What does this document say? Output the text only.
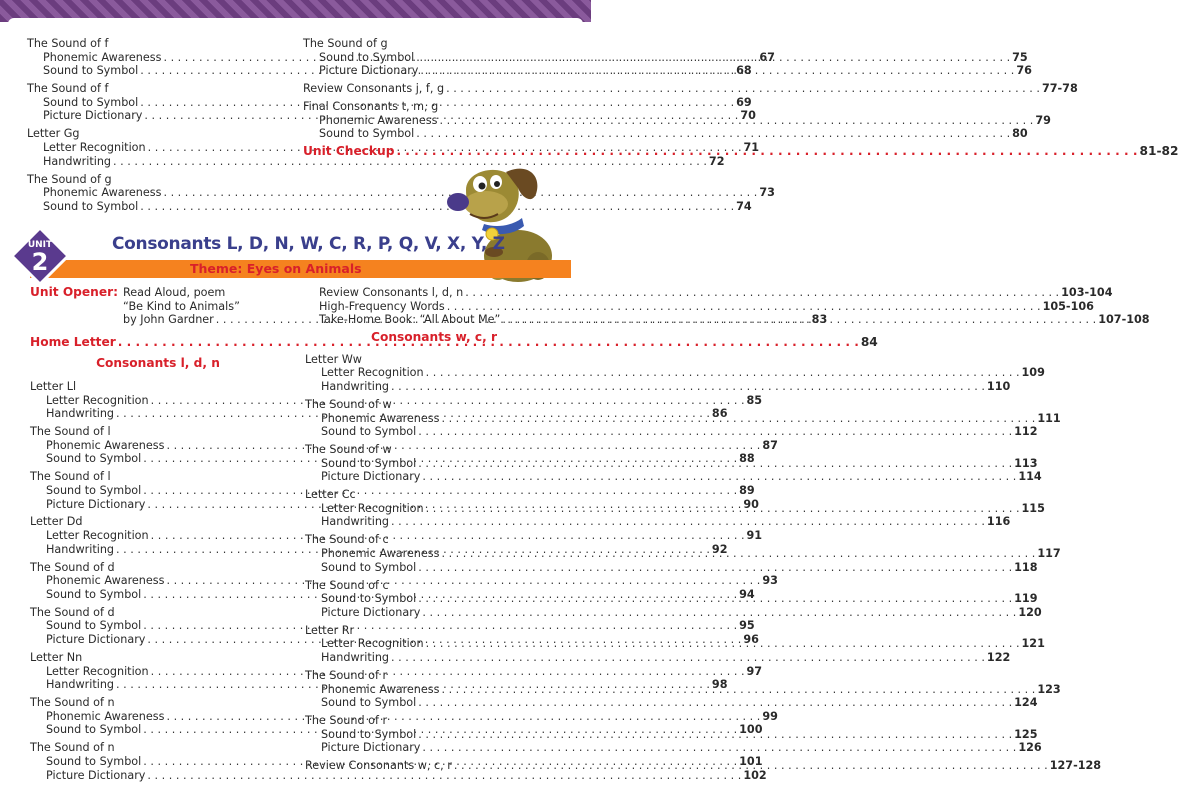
The Sound of f
Phonemic Awareness . . .	67
Sound to Symbol . . .	68
The Sound of f
Sound to Symbol . . .	69
Picture Dictionary . . .	70
Letter Gg
Letter Recognition . . .	71
Handwriting . . .	72
The Sound of g
Phonemic Awareness . . .	73
Sound to Symbol . . .	74
The Sound of g
Sound to Symbol . . .	75
Picture Dictionary . . .	76
Review Consonants j, f, g . . .	77-78
Final Consonants t, m, g
Phonemic Awareness . . .	79
Sound to Symbol . . .	80
Unit Checkup . . .	81-82
UNIT
2
Consonants L, D, N, W, C, R, P, Q, V, X, Y, Z
Theme: Eyes on Animals
Unit Opener: Read Aloud, poem
“Be Kind to Animals”
by John Gardner . . .	83
Home Letter . . .	84
Consonants l, d, n
Letter Ll
Letter Recognition . . .	85
Handwriting . . .	86
The Sound of l
Phonemic Awareness . . .	87
Sound to Symbol . . .	88
The Sound of l
Sound to Symbol . . .	89
Picture Dictionary . . .	90
Letter Dd
Letter Recognition . . .	91
Handwriting . . .	92
The Sound of d
Phonemic Awareness . . .	93
Sound to Symbol . . .	94
The Sound of d
Sound to Symbol . . .	95
Picture Dictionary . . .	96
Letter Nn
Letter Recognition . . .	97
Handwriting . . .	98
The Sound of n
Phonemic Awareness . . .	99
Sound to Symbol . . .	100
The Sound of n
Sound to Symbol . . .	101
Picture Dictionary . . .	102
Review Consonants l, d, n . . .	103-104
High-Frequency Words . . .	105-106
Take-Home Book: “All About Me” . . .	107-108
Consonants w, c, r
Letter Ww
Letter Recognition . . .	109
Handwriting . . .	110
The Sound of w
Phonemic Awareness . . .	111
Sound to Symbol . . .	112
The Sound of w
Sound to Symbol . . .	113
Picture Dictionary . . .	114
Letter Cc
Letter Recognition . . .	115
Handwriting . . .	116
The Sound of c
Phonemic Awareness . . .	117
Sound to Symbol . . .	118
The Sound of c
Sound to Symbol . . .	119
Picture Dictionary . . .	120
Letter Rr
Letter Recognition . . .	121
Handwriting . . .	122
The Sound of r
Phonemic Awareness . . .	123
Sound to Symbol . . .	124
The Sound of r
Sound to Symbol . . .	125
Picture Dictionary . . .	126
Review Consonants w, c, r . . .	127-128
